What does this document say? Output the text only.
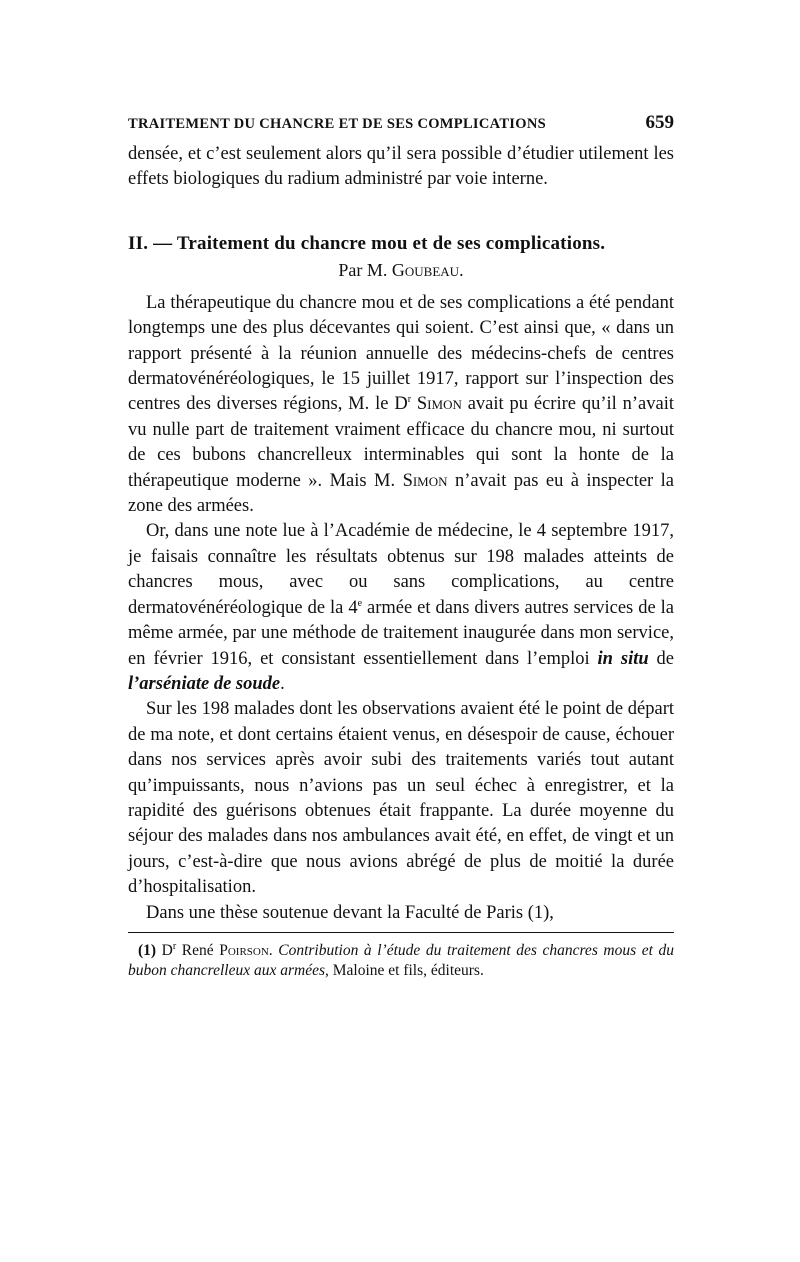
TRAITEMENT DU CHANCRE ET DE SES COMPLICATIONS	659

densée, et c’est seulement alors qu’il sera possible d’étudier utilement les effets biologiques du radium administré par voie interne.

II. — Traitement du chancre mou et de ses complications.
Par M. Goubeau.

La thérapeutique du chancre mou et de ses complications a été pendant longtemps une des plus décevantes qui soient. C’est ainsi que, « dans un rapport présenté à la réunion annuelle des médecins-chefs de centres dermatovénéréologiques, le 15 juillet 1917, rapport sur l’inspection des centres des diverses régions, M. le $D^r$ Simon avait pu écrire qu’il n’avait vu nulle part de traitement vraiment efficace du chancre mou, ni surtout de ces bubons chancrelleux interminables qui sont la honte de la thérapeutique moderne ». Mais M. Simon n’avait pas eu à inspecter la zone des armées.

Or, dans une note lue à l’Académie de médecine, le 4 septembre 1917, je faisais connaître les résultats obtenus sur 198 malades atteints de chancres mous, avec ou sans complications, au centre dermatovénéréologique de la 4e armée et dans divers autres services de la même armée, par une méthode de traitement inaugurée dans mon service, en février 1916, et consistant essentiellement dans l’emploi in situ de l’arséniate de soude.

Sur les 198 malades dont les observations avaient été le point de départ de ma note, et dont certains étaient venus, en désespoir de cause, échouer dans nos services après avoir subi des traitements variés tout autant qu’impuissants, nous n’avions pas un seul échec à enregistrer, et la rapidité des guérisons obtenues était frappante. La durée moyenne du séjour des malades dans nos ambulances avait été, en effet, de vingt et un jours, c’est-à-dire que nous avions abrégé de plus de moitié la durée d’hospitalisation.

Dans une thèse soutenue devant la Faculté de Paris (1),

(1) $D^r$ René Poirson. Contribution à l’étude du traitement des chancres mous et du bubon chancrelleux aux armées, Maloine et fils, éditeurs.
